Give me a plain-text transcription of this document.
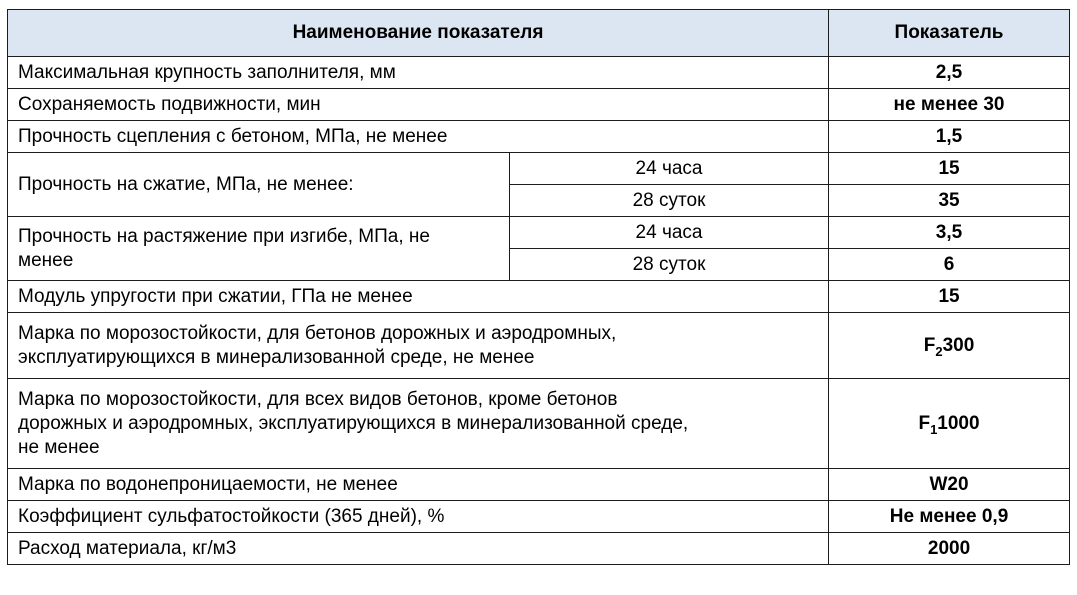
Наименование показателя		Показатель
Максимальная крупность заполнителя, мм		2,5
Сохраняемость подвижности, мин		не менее 30
Прочность сцепления с бетоном, МПа, не менее		1,5
Прочность на сжатие, МПа, не менее:	24 часа	15
	28 суток	35
Прочность на растяжение при изгибе, МПа, не
менее	24 часа	3,5
	28 суток	6
Модуль упругости при сжатии, ГПа не менее		15
Марка по морозостойкости, для бетонов дорожных и аэродромных,
эксплуатирующихся в минерализованной среде, не менее		$F_2300$
Марка по морозостойкости, для всех видов бетонов, кроме бетонов
дорожных и аэродромных, эксплуатирующихся в минерализованной среде,
не менее		$F_11000$
Марка по водонепроницаемости, не менее		W20
Коэффициент сульфатостойкости (365 дней), %		Не менее 0,9
Расход материала, кг/м3		2000
